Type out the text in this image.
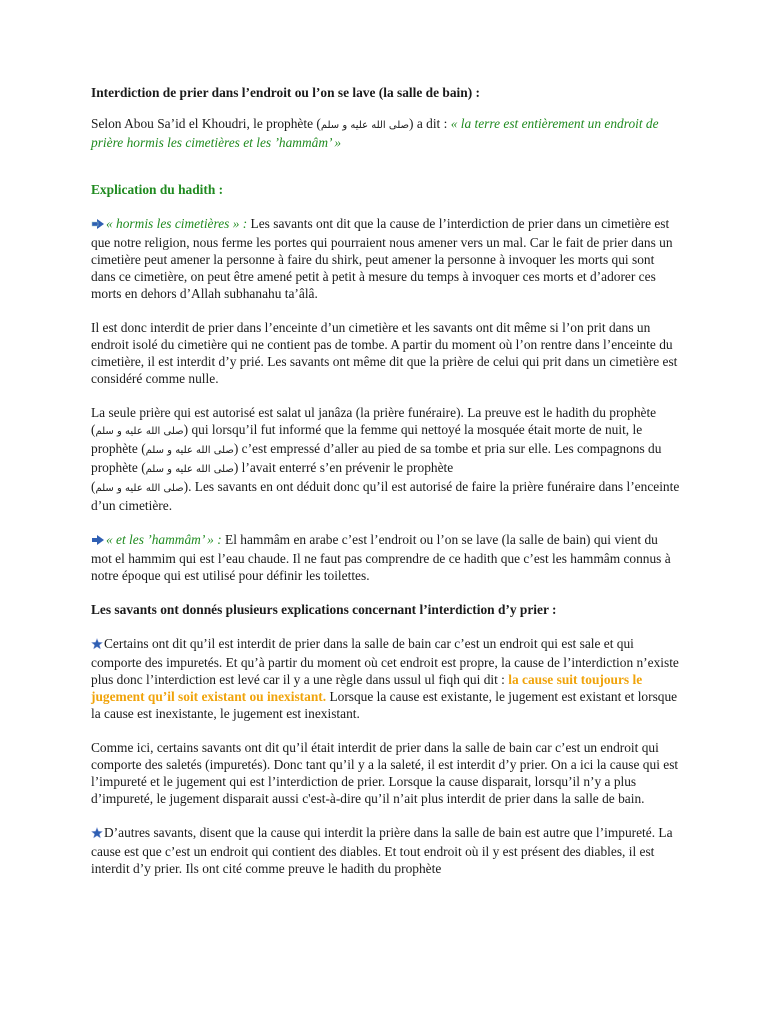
Interdiction de prier dans l’endroit ou l’on se lave (la salle de bain) :

Selon Abou Sa’id el Khoudri, le prophète (صلى الله عليه و سلم) a dit : « la terre est entièrement un endroit de prière hormis les cimetières et les ’hammâm’ »

Explication du hadith :

« hormis les cimetières » : Les savants ont dit que la cause de l’interdiction de prier dans un cimetière est que notre religion, nous ferme les portes qui pourraient nous amener vers un mal. Car le fait de prier dans un cimetière peut amener la personne à faire du shirk, peut amener la personne à invoquer les morts qui sont dans ce cimetière, on peut être amené petit à petit à mesure du temps à invoquer ces morts et d’adorer ces morts en dehors d’Allah subhanahu ta’âlâ.

Il est donc interdit de prier dans l’enceinte d’un cimetière et les savants ont dit même si l’on prit dans un endroit isolé du cimetière qui ne contient pas de tombe. A partir du moment où l’on rentre dans l’enceinte du cimetière, il est interdit d’y prié. Les savants ont même dit que la prière de celui qui prit dans un cimetière est considéré comme nulle.

La seule prière qui est autorisé est salat ul janâza (la prière funéraire). La preuve est le hadith du prophète (صلى الله عليه و سلم) qui lorsqu’il fut informé que la femme qui nettoyé la mosquée était morte de nuit, le prophète (صلى الله عليه و سلم) c’est empressé d’aller au pied de sa tombe et pria sur elle. Les compagnons du prophète (صلى الله عليه و سلم) l’avait enterré s’en prévenir le prophète
(صلى الله عليه و سلم). Les savants en ont déduit donc qu’il est autorisé de faire la prière funéraire dans l’enceinte d’un cimetière.

« et les ’hammâm’ » : El hammâm en arabe c’est l’endroit ou l’on se lave (la salle de bain) qui vient du mot el hammim qui est l’eau chaude. Il ne faut pas comprendre de ce hadith que c’est les hammâm connus à notre époque qui est utilisé pour définir les toilettes.

Les savants ont donnés plusieurs explications concernant l’interdiction d’y prier :

Certains ont dit qu’il est interdit de prier dans la salle de bain car c’est un endroit qui est sale et qui comporte des impuretés. Et qu’à partir du moment où cet endroit est propre, la cause de l’interdiction n’existe plus donc l’interdiction est levé car il y a une règle dans ussul ul fiqh qui dit : la cause suit toujours le jugement qu’il soit existant ou inexistant. Lorsque la cause est existante, le jugement est existant et lorsque la cause est inexistante, le jugement est inexistant.

Comme ici, certains savants ont dit qu’il était interdit de prier dans la salle de bain car c’est un endroit qui comporte des saletés (impuretés). Donc tant qu’il y a la saleté, il est interdit d’y prier. On a ici la cause qui est l’impureté et le jugement qui est l’interdiction de prier. Lorsque la cause disparait, lorsqu’il n’y a plus d’impureté, le jugement disparait aussi c'est-à-dire qu’il n’ait plus interdit de prier dans la salle de bain.

D’autres savants, disent que la cause qui interdit la prière dans la salle de bain est autre que l’impureté. La cause est que c’est un endroit qui contient des diables. Et tout endroit où il y est présent des diables, il est interdit d’y prier. Ils ont cité comme preuve le hadith du prophète
